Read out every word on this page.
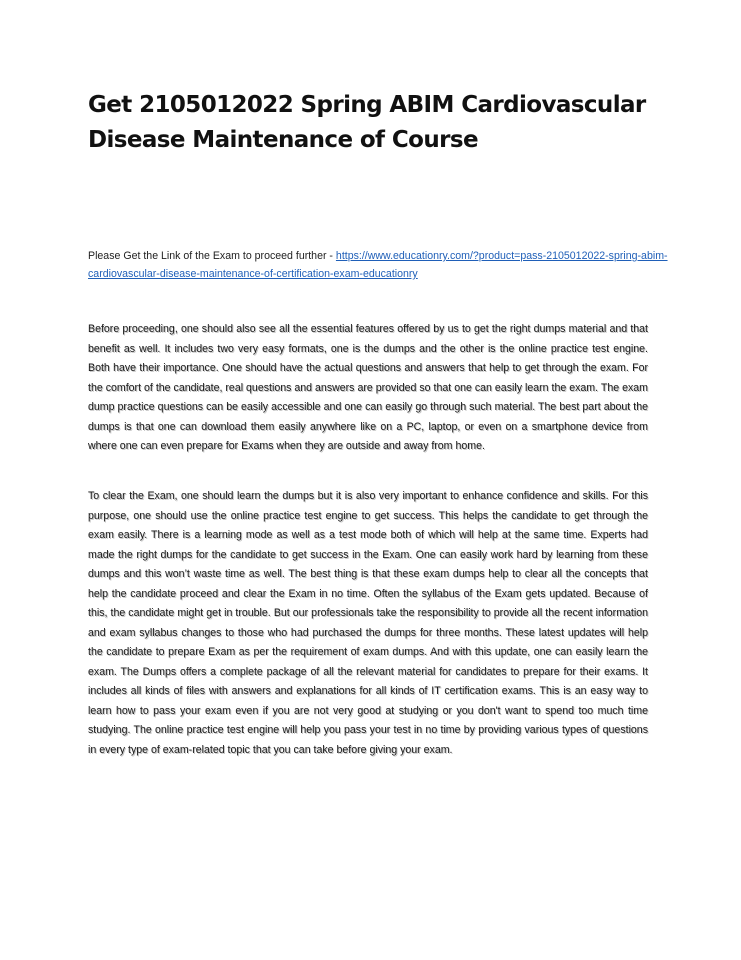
Get 2105012022 Spring ABIM Cardiovascular Disease Maintenance of Course

Please Get the Link of the Exam to proceed further - https://www.educationry.com/?product=pass-2105012022-spring-abim-cardiovascular-disease-maintenance-of-certification-exam-educationry

Before proceeding, one should also see all the essential features offered by us to get the right dumps material and that benefit as well. It includes two very easy formats, one is the dumps and the other is the online practice test engine. Both have their importance. One should have the actual questions and answers that help to get through the exam. For the comfort of the candidate, real questions and answers are provided so that one can easily learn the exam. The exam dump practice questions can be easily accessible and one can easily go through such material. The best part about the dumps is that one can download them easily anywhere like on a PC, laptop, or even on a smartphone device from where one can even prepare for Exams when they are outside and away from home.

To clear the Exam, one should learn the dumps but it is also very important to enhance confidence and skills. For this purpose, one should use the online practice test engine to get success. This helps the candidate to get through the exam easily. There is a learning mode as well as a test mode both of which will help at the same time. Experts had made the right dumps for the candidate to get success in the Exam. One can easily work hard by learning from these dumps and this won’t waste time as well. The best thing is that these exam dumps help to clear all the concepts that help the candidate proceed and clear the Exam in no time. Often the syllabus of the Exam gets updated. Because of this, the candidate might get in trouble. But our professionals take the responsibility to provide all the recent information and exam syllabus changes to those who had purchased the dumps for three months. These latest updates will help the candidate to prepare Exam as per the requirement of exam dumps. And with this update, one can easily learn the exam. The Dumps offers a complete package of all the relevant material for candidates to prepare for their exams. It includes all kinds of files with answers and explanations for all kinds of IT certification exams. This is an easy way to learn how to pass your exam even if you are not very good at studying or you don't want to spend too much time studying. The online practice test engine will help you pass your test in no time by providing various types of questions in every type of exam-related topic that you can take before giving your exam.
